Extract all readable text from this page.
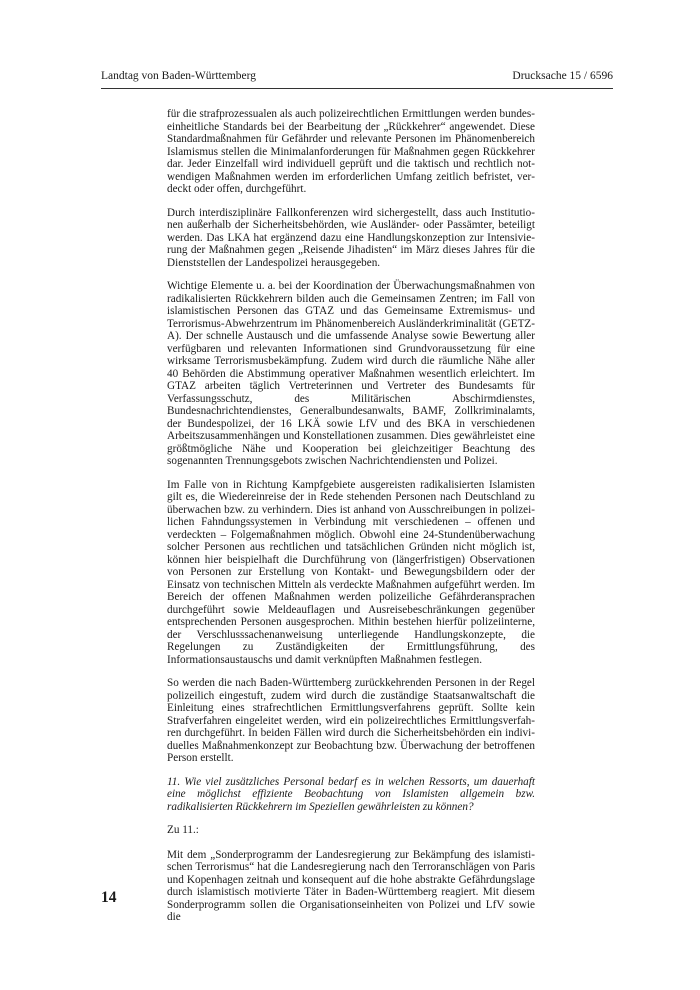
Landtag von Baden-Württemberg	Drucksache 15 / 6596

für die strafprozessualen als auch polizeirechtlichen Ermittlungen werden bundeseinheitliche Standards bei der Bearbeitung der „Rückkehrer“ angewendet. Diese Standardmaßnahmen für Gefährder und relevante Personen im Phänomenbereich Islamismus stellen die Minimalanforderungen für Maßnahmen gegen Rückkehrer dar. Jeder Einzelfall wird individuell geprüft und die taktisch und rechtlich notwendigen Maßnahmen werden im erforderlichen Umfang zeitlich befristet, verdeckt oder offen, durchgeführt.

Durch interdisziplinäre Fallkonferenzen wird sichergestellt, dass auch Institutionen außerhalb der Sicherheitsbehörden, wie Ausländer- oder Passämter, beteiligt werden. Das LKA hat ergänzend dazu eine Handlungskonzeption zur Intensivierung der Maßnahmen gegen „Reisende Jihadisten“ im März dieses Jahres für die Dienststellen der Landespolizei herausgegeben.

Wichtige Elemente u. a. bei der Koordination der Überwachungsmaßnahmen von radikalisierten Rückkehrern bilden auch die Gemeinsamen Zentren; im Fall von islamistischen Personen das GTAZ und das Gemeinsame Extremismus- und Terrorismus-Abwehrzentrum im Phänomenbereich Ausländerkriminalität (GETZ-A). Der schnelle Austausch und die umfassende Analyse sowie Bewertung aller verfügbaren und relevanten Informationen sind Grundvoraussetzung für eine wirksame Terrorismusbekämpfung. Zudem wird durch die räumliche Nähe aller 40 Behörden die Abstimmung operativer Maßnahmen wesentlich erleichtert. Im GTAZ arbeiten täglich Vertreterinnen und Vertreter des Bundesamts für Verfassungsschutz, des Militärischen Abschirmdienstes, Bundesnachrichtendienstes, Generalbundesanwalts, BAMF, Zollkriminalamts, der Bundespolizei, der 16 LKÄ sowie LfV und des BKA in verschiedenen Arbeitszusammenhängen und Konstellationen zusammen. Dies gewährleistet eine größtmögliche Nähe und Kooperation bei gleichzeitiger Beachtung des sogenannten Trennungsgebots zwischen Nachrichtendiensten und Polizei.

Im Falle von in Richtung Kampfgebiete ausgereisten radikalisierten Islamisten gilt es, die Wiedereinreise der in Rede stehenden Personen nach Deutschland zu überwachen bzw. zu verhindern. Dies ist anhand von Ausschreibungen in polizeilichen Fahndungssystemen in Verbindung mit verschiedenen – offenen und verdeckten – Folgemaßnahmen möglich. Obwohl eine 24-Stundenüberwachung solcher Personen aus rechtlichen und tatsächlichen Gründen nicht möglich ist, können hier beispielhaft die Durchführung von (längerfristigen) Observationen von Personen zur Erstellung von Kontakt- und Bewegungsbildern oder der Einsatz von technischen Mitteln als verdeckte Maßnahmen aufgeführt werden. Im Bereich der offenen Maßnahmen werden polizeiliche Gefährderansprachen durchgeführt sowie Meldeauflagen und Ausreisebeschränkungen gegenüber entsprechenden Personen ausgesprochen. Mithin bestehen hierfür polizeiinterne, der Verschlusssachenanweisung unterliegende Handlungskonzepte, die Regelungen zu Zuständigkeiten der Ermittlungsführung, des Informationsaustauschs und damit verknüpften Maßnahmen festlegen.

So werden die nach Baden-Württemberg zurückkehrenden Personen in der Regel polizeilich eingestuft, zudem wird durch die zuständige Staatsanwaltschaft die Einleitung eines strafrechtlichen Ermittlungsverfahrens geprüft. Sollte kein Strafverfahren eingeleitet werden, wird ein polizeirechtliches Ermittlungsverfahren durchgeführt. In beiden Fällen wird durch die Sicherheitsbehörden ein individuelles Maßnahmenkonzept zur Beobachtung bzw. Überwachung der betroffenen Person erstellt.

11. Wie viel zusätzliches Personal bedarf es in welchen Ressorts, um dauerhaft eine möglichst effiziente Beobachtung von Islamisten allgemein bzw. radikalisierten Rückkehrern im Speziellen gewährleisten zu können?

Zu 11.:

Mit dem „Sonderprogramm der Landesregierung zur Bekämpfung des islamistischen Terrorismus“ hat die Landesregierung nach den Terroranschlägen von Paris und Kopenhagen zeitnah und konsequent auf die hohe abstrakte Gefährdungslage durch islamistisch motivierte Täter in Baden-Württemberg reagiert. Mit diesem Sonderprogramm sollen die Organisationseinheiten von Polizei und LfV sowie die

14
